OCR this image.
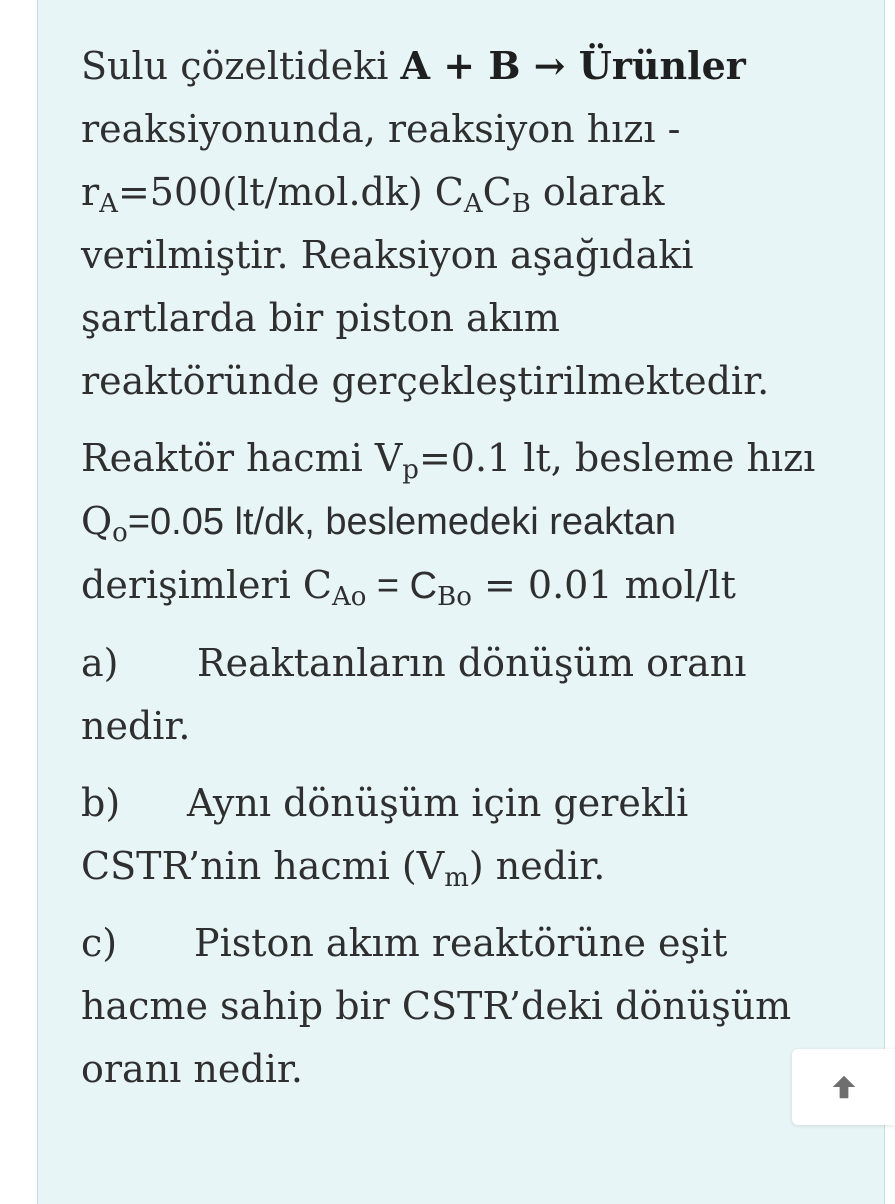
Sulu çözeltideki A + B → Ürünler
reaksiyonunda, reaksiyon hızı -
$r_A=500(lt/mol.dk)$ $C_AC_B$ olarak
verilmiştir. Reaksiyon aşağıdaki
şartlarda bir piston akım
reaktöründe gerçekleştirilmektedir.

Reaktör hacmi $V_p=0.1$ lt, besleme hızı
$Q_o=0.05$ lt/dk, beslemedeki reaktan
derişimleri $C_{Ao} = C_{Bo} = 0.01$ mol/lt

a) Reaktanların dönüşüm oranı
nedir.

b) Aynı dönüşüm için gerekli
CSTR’nin hacmi $(V_m)$ nedir.

c) Piston akım reaktörüne eşit
hacme sahip bir CSTR’deki dönüşüm
oranı nedir.
